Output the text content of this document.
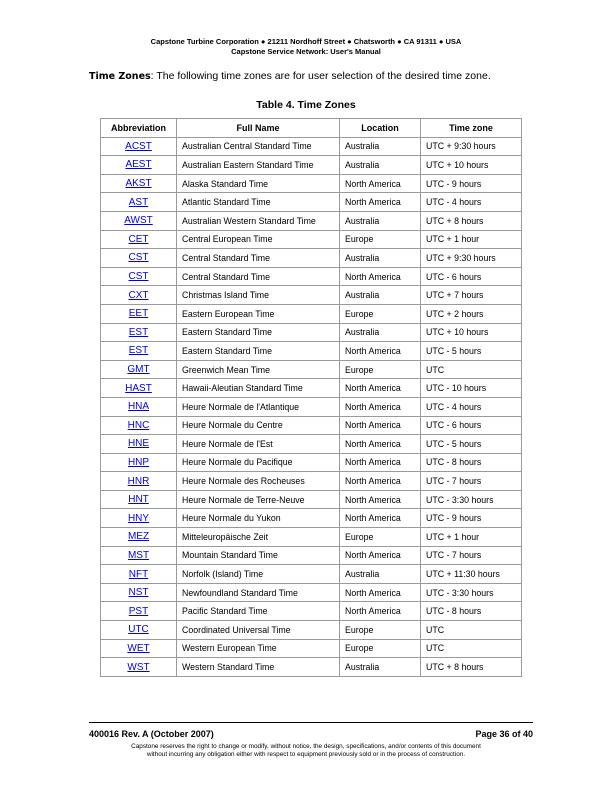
Capstone Turbine Corporation ● 21211 Nordhoff Street ● Chatsworth ● CA 91311 ● USA
Capstone Service Network: User's Manual
Time Zones: The following time zones are for user selection of the desired time zone.
Table 4. Time Zones
Abbreviation	Full Name	Location	Time zone
ACST	Australian Central Standard Time	Australia	UTC + 9:30 hours
AEST	Australian Eastern Standard Time	Australia	UTC + 10 hours
AKST	Alaska Standard Time	North America	UTC - 9 hours
AST	Atlantic Standard Time	North America	UTC - 4 hours
AWST	Australian Western Standard Time	Australia	UTC + 8 hours
CET	Central European Time	Europe	UTC + 1 hour
CST	Central Standard Time	Australia	UTC + 9:30 hours
CST	Central Standard Time	North America	UTC - 6 hours
CXT	Christmas Island Time	Australia	UTC + 7 hours
EET	Eastern European Time	Europe	UTC + 2 hours
EST	Eastern Standard Time	Australia	UTC + 10 hours
EST	Eastern Standard Time	North America	UTC - 5 hours
GMT	Greenwich Mean Time	Europe	UTC
HAST	Hawaii-Aleutian Standard Time	North America	UTC - 10 hours
HNA	Heure Normale de l'Atlantique	North America	UTC - 4 hours
HNC	Heure Normale du Centre	North America	UTC - 6 hours
HNE	Heure Normale de l'Est	North America	UTC - 5 hours
HNP	Heure Normale du Pacifique	North America	UTC - 8 hours
HNR	Heure Normale des Rocheuses	North America	UTC - 7 hours
HNT	Heure Normale de Terre-Neuve	North America	UTC - 3:30 hours
HNY	Heure Normale du Yukon	North America	UTC - 9 hours
MEZ	Mitteleuropäische Zeit	Europe	UTC + 1 hour
MST	Mountain Standard Time	North America	UTC - 7 hours
NFT	Norfolk (Island) Time	Australia	UTC + 11:30 hours
NST	Newfoundland Standard Time	North America	UTC - 3:30 hours
PST	Pacific Standard Time	North America	UTC - 8 hours
UTC	Coordinated Universal Time	Europe	UTC
WET	Western European Time	Europe	UTC
WST	Western Standard Time	Australia	UTC + 8 hours
400016 Rev. A (October 2007)	Page 36 of 40
Capstone reserves the right to change or modify, without notice, the design, specifications, and/or contents of this document
without incurring any obligation either with respect to equipment previously sold or in the process of construction.
